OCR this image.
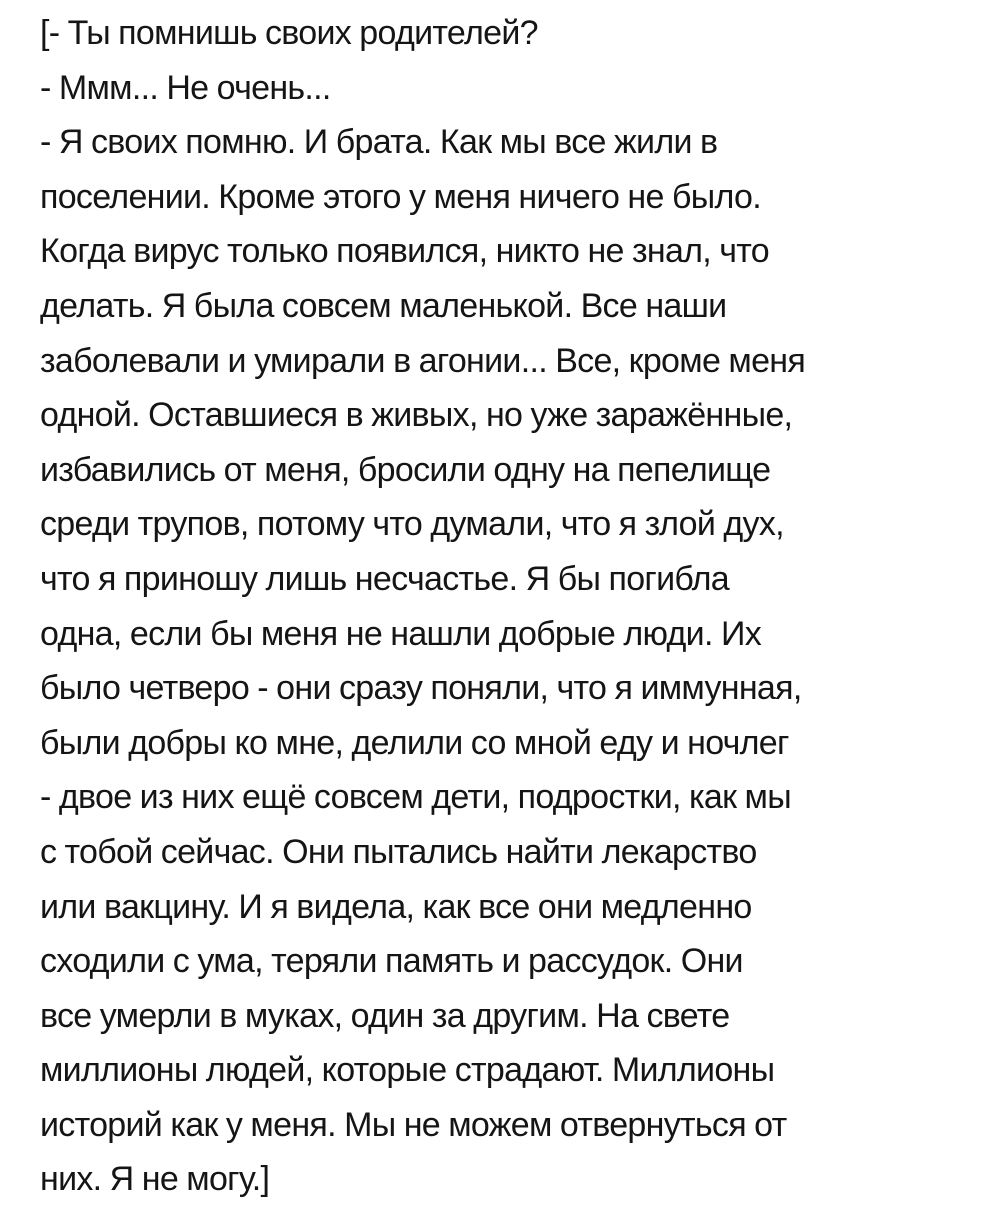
[- Ты помнишь своих родителей?
- Ммм... Не очень...
- Я своих помню. И брата. Как мы все жили в
поселении. Кроме этого у меня ничего не было.
Когда вирус только появился, никто не знал, что
делать. Я была совсем маленькой. Все наши
заболевали и умирали в агонии... Все, кроме меня
одной. Оставшиеся в живых, но уже заражённые,
избавились от меня, бросили одну на пепелище
среди трупов, потому что думали, что я злой дух,
что я приношу лишь несчастье. Я бы погибла
одна, если бы меня не нашли добрые люди. Их
было четверо - они сразу поняли, что я иммунная,
были добры ко мне, делили со мной еду и ночлег
- двое из них ещё совсем дети, подростки, как мы
с тобой сейчас. Они пытались найти лекарство
или вакцину. И я видела, как все они медленно
сходили с ума, теряли память и рассудок. Они
все умерли в муках, один за другим. На свете
миллионы людей, которые страдают. Миллионы
историй как у меня. Мы не можем отвернуться от
них. Я не могу.]
